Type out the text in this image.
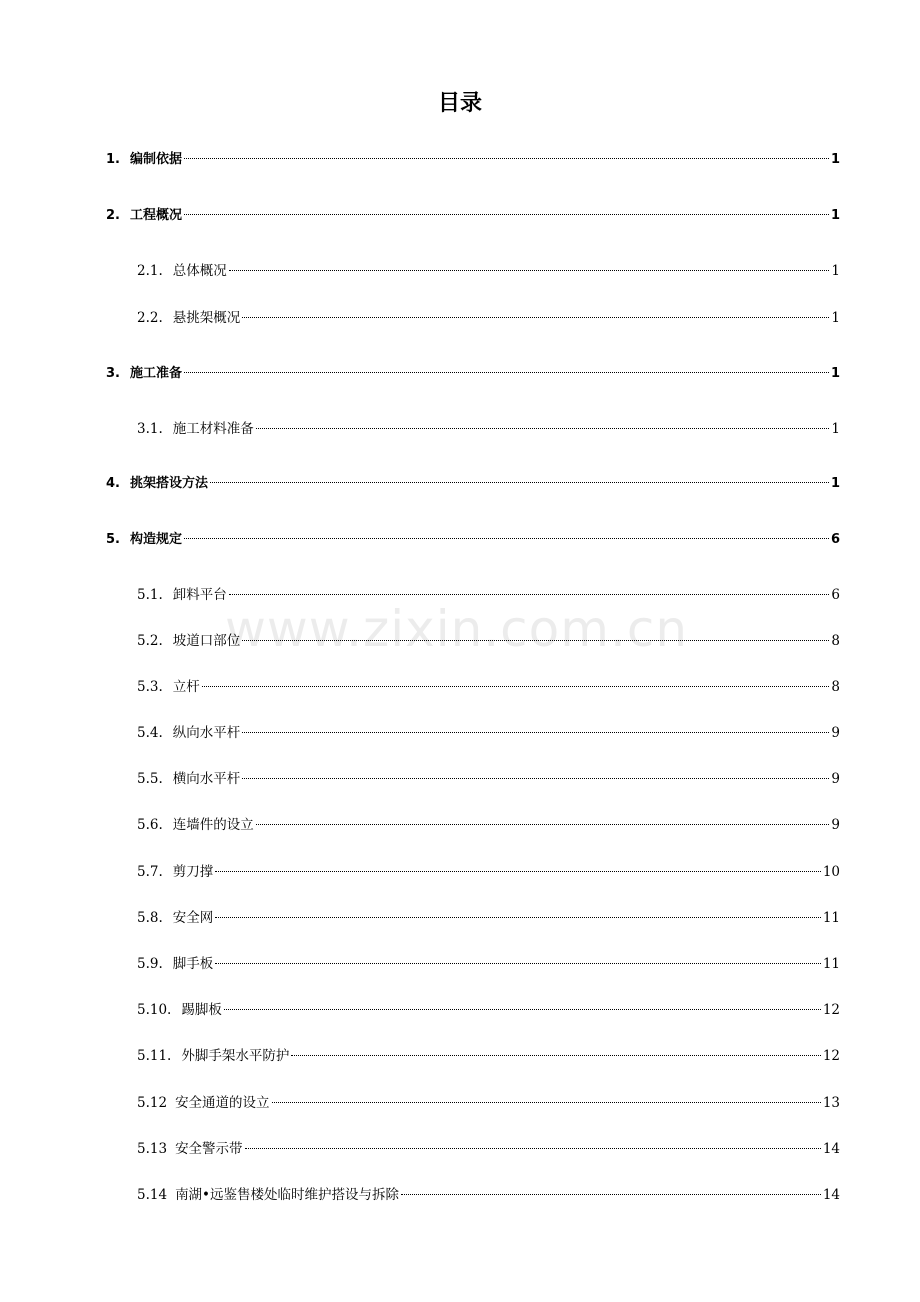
目录
www.zixin.com.cn
1. 编制依据	1
2. 工程概况	1
2.1. 总体概况	1
2.2. 悬挑架概况	1
3. 施工准备	1
3.1. 施工材料准备	1
4. 挑架搭设方法	1
5. 构造规定	6
5.1. 卸料平台	6
5.2. 坡道口部位	8
5.3. 立杆	8
5.4. 纵向水平杆	9
5.5. 横向水平杆	9
5.6. 连墙件的设立	9
5.7. 剪刀撑	10
5.8. 安全网	11
5.9. 脚手板	11
5.10. 踢脚板	12
5.11. 外脚手架水平防护	12
5.12 安全通道的设立	13
5.13 安全警示带	14
5.14 南湖•远鉴售楼处临时维护搭设与拆除	14
